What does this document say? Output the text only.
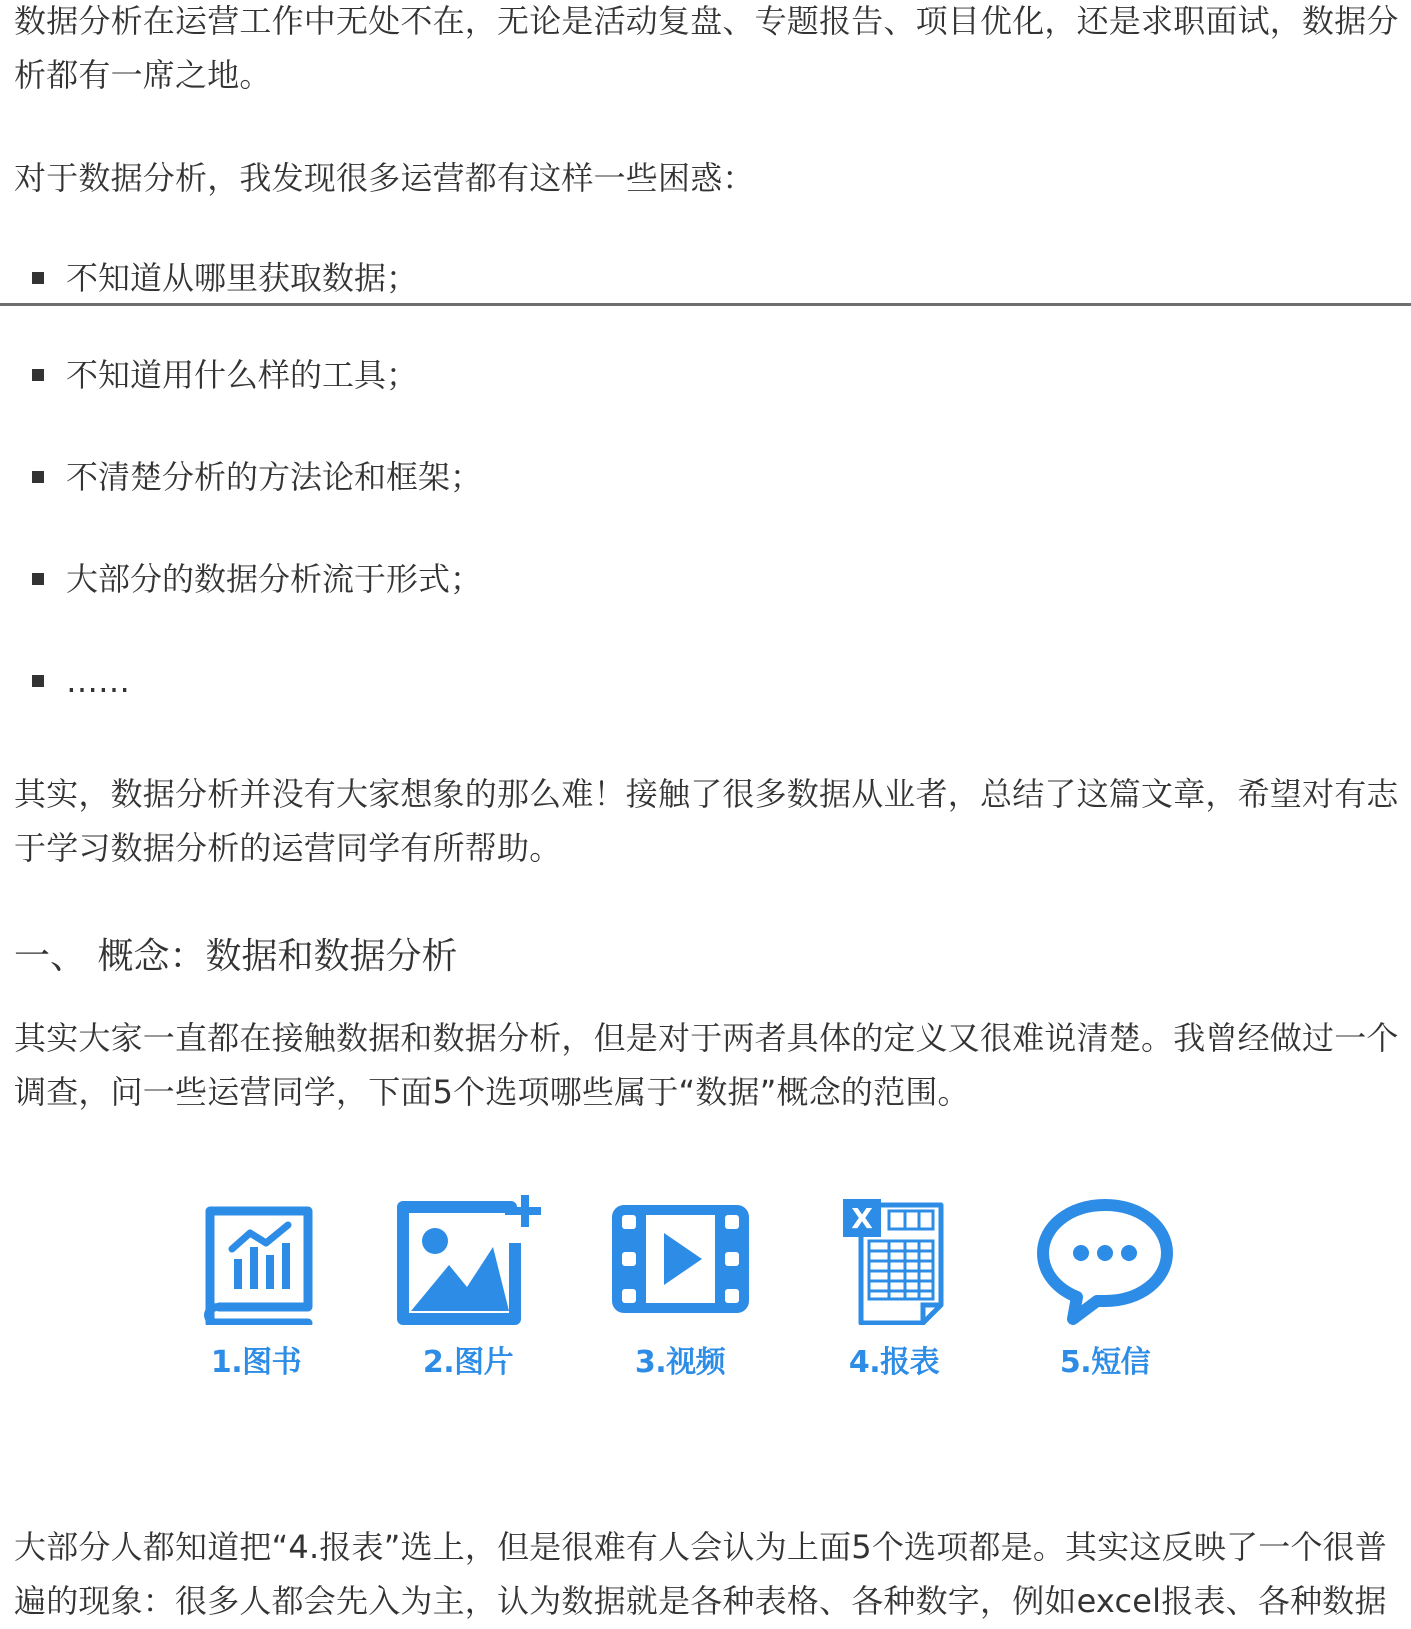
数据分析在运营工作中无处不在，无论是活动复盘、专题报告、项目优化，还是求职面试，数据分析都有一席之地。

对于数据分析，我发现很多运营都有这样一些困惑：

不知道从哪里获取数据；
不知道用什么样的工具；
不清楚分析的方法论和框架；
大部分的数据分析流于形式；
……

其实，数据分析并没有大家想象的那么难！接触了很多数据从业者，总结了这篇文章，希望对有志于学习数据分析的运营同学有所帮助。

一、 概念：数据和数据分析

其实大家一直都在接触数据和数据分析，但是对于两者具体的定义又很难说清楚。我曾经做过一个调查，问一些运营同学，下面5个选项哪些属于“数据”概念的范围。

大部分人都知道把“4.报表”选上，但是很难有人会认为上面5个选项都是。其实这反映了一个很普遍的现象：很多人都会先入为主，认为数据就是各种表格、各种数字，例如excel报表、各种数据

1.图书	2.图片	3.视频
X
4.报表	5.短信
